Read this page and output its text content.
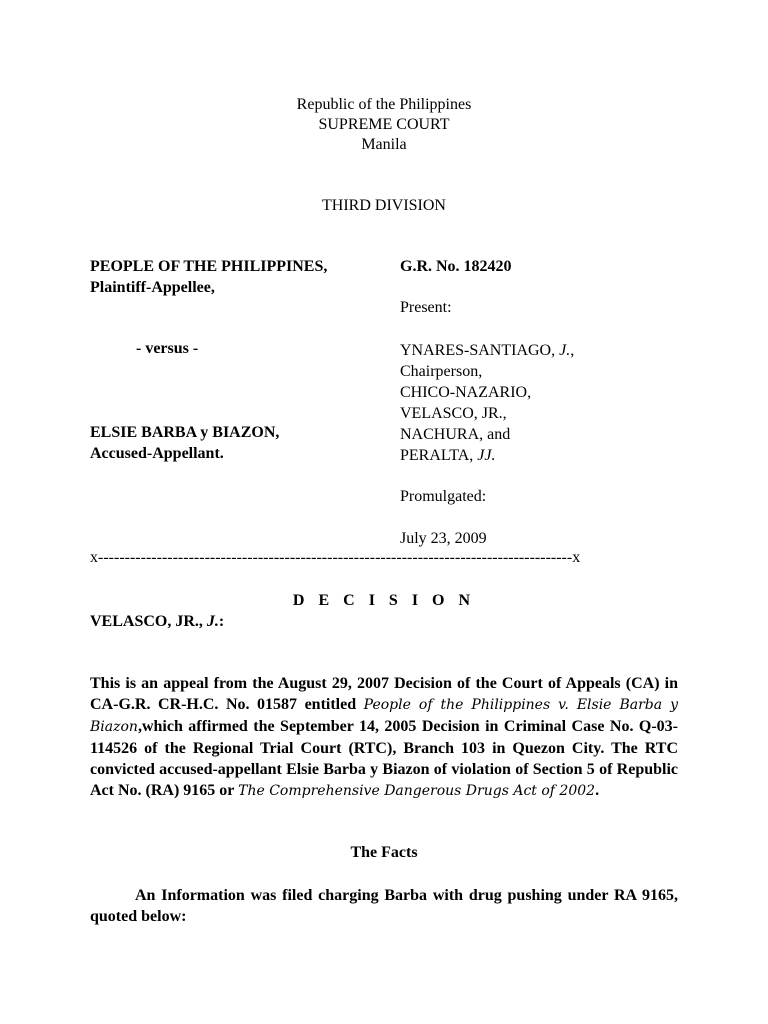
Republic of the Philippines
SUPREME COURT
Manila
THIRD DIVISION
PEOPLE OF THE PHILIPPINES,
Plaintiff-Appellee,
- versus -
ELSIE BARBA y BIAZON,
Accused-Appellant.
G.R. No. 182420
Present:
YNARES-SANTIAGO, J.,
Chairperson,
CHICO-NAZARIO,
VELASCO, JR.,
NACHURA, and
PERALTA, JJ.
Promulgated:
July 23, 2009
x-----------------------------------------------------------------------------------------x
D E C I S I O N
VELASCO, JR., J.:
This is an appeal from the August 29, 2007 Decision of the Court of Appeals (CA) in CA-G.R. CR-H.C. No. 01587 entitled People of the Philippines v. Elsie Barba y Biazon,which affirmed the September 14, 2005 Decision in Criminal Case No. Q-03-114526 of the Regional Trial Court (RTC), Branch 103 in Quezon City. The RTC convicted accused-appellant Elsie Barba y Biazon of violation of Section 5 of Republic Act No. (RA) 9165 or The Comprehensive Dangerous Drugs Act of 2002.
The Facts
An Information was filed charging Barba with drug pushing under RA 9165, quoted below:
